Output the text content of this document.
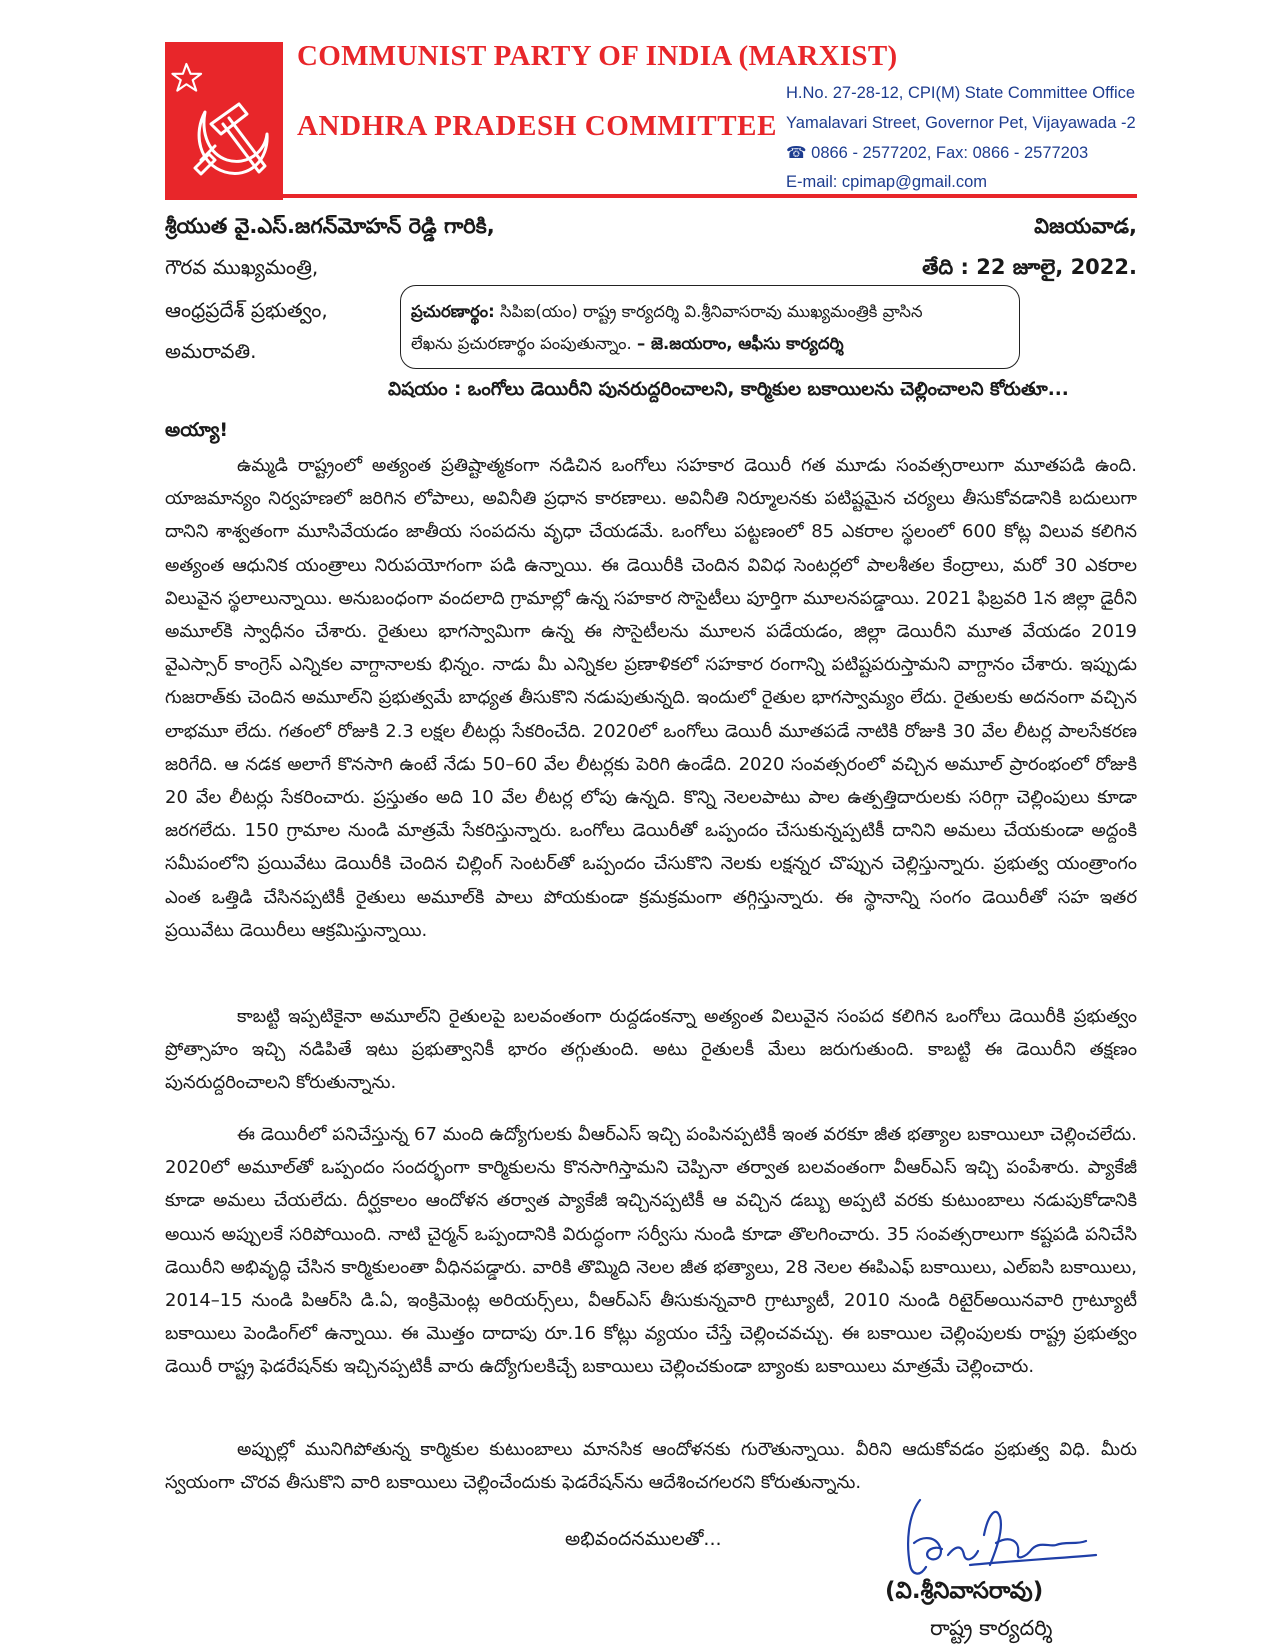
COMMUNIST PARTY OF INDIA (MARXIST)
ANDHRA PRADESH COMMITTEE
H.No. 27-28-12, CPI(M) State Committee Office
Yamalavari Street, Governor Pet, Vijayawada -2
☎ 0866 - 2577202, Fax: 0866 - 2577203
E-mail: cpimap@gmail.com
శ్రీయుత వై.ఎస్.జగన్‌మోహన్ రెడ్డి గారికి,
గౌరవ ముఖ్యమంత్రి,
ఆంధ్రప్రదేశ్ ప్రభుత్వం,
అమరావతి.
విజయవాడ,
తేది : 22 జూలై, 2022.
ప్రచురణార్థం: సిపిఐ(యం) రాష్ట్ర కార్యదర్శి వి.శ్రీనివాసరావు ముఖ్యమంత్రికి వ్రాసిన
లేఖను ప్రచురణార్థం పంపుతున్నాం. – జె.జయరాం, ఆఫీసు కార్యదర్శి
విషయం : ఒంగోలు డెయిరీని పునరుద్దరించాలని, కార్మికుల బకాయిలను చెల్లించాలని కోరుతూ...
అయ్యా!

ఉమ్మడి రాష్ట్రంలో అత్యంత ప్రతిష్టాత్మకంగా నడిచిన ఒంగోలు సహకార డెయిరీ గత మూడు సంవత్సరాలుగా మూతపడి ఉంది. యాజమాన్యం నిర్వహణలో జరిగిన లోపాలు, అవినీతి ప్రధాన కారణాలు. అవినీతి నిర్మూలనకు పటిష్టమైన చర్యలు తీసుకోవడానికి బదులుగా దానిని శాశ్వతంగా మూసివేయడం జాతీయ సంపదను వృధా చేయడమే. ఒంగోలు పట్టణంలో 85 ఎకరాల స్థలంలో 600 కోట్ల విలువ కలిగిన అత్యంత ఆధునిక యంత్రాలు నిరుపయోగంగా పడి ఉన్నాయి. ఈ డెయిరీకి చెందిన వివిధ సెంటర్లలో పాలశీతల కేంద్రాలు, మరో 30 ఎకరాల విలువైన స్థలాలున్నాయి. అనుబంధంగా వందలాది గ్రామాల్లో ఉన్న సహకార సొసైటీలు పూర్తిగా మూలనపడ్డాయి. 2021 ఫిబ్రవరి 1న జిల్లా డైరీని అమూల్‌కి స్వాధీనం చేశారు. రైతులు భాగస్వామిగా ఉన్న ఈ సొసైటీలను మూలన పడేయడం, జిల్లా డెయిరీని మూత వేయడం 2019 వైఎస్సార్ కాంగ్రెస్ ఎన్నికల వాగ్దానాలకు భిన్నం. నాడు మీ ఎన్నికల ప్రణాళికలో సహకార రంగాన్ని పటిష్టపరుస్తామని వాగ్దానం చేశారు. ఇప్పుడు గుజరాత్‌కు చెందిన అమూల్‌ని ప్రభుత్వమే బాధ్యత తీసుకొని నడుపుతున్నది. ఇందులో రైతుల భాగస్వామ్యం లేదు. రైతులకు అదనంగా వచ్చిన లాభమూ లేదు. గతంలో రోజుకి 2.3 లక్షల లీటర్లు సేకరించేది. 2020లో ఒంగోలు డెయిరీ మూతపడే నాటికి రోజుకి 30 వేల లీటర్ల పాలసేకరణ జరిగేది. ఆ నడక అలాగే కొనసాగి ఉంటే నేడు 50–60 వేల లీటర్లకు పెరిగి ఉండేది. 2020 సంవత్సరంలో వచ్చిన అమూల్ ప్రారంభంలో రోజుకి 20 వేల లీటర్లు సేకరించారు. ప్రస్తుతం అది 10 వేల లీటర్ల లోపు ఉన్నది. కొన్ని నెలలపాటు పాల ఉత్పత్తిదారులకు సరిగ్గా చెల్లింపులు కూడా జరగలేదు. 150 గ్రామాల నుండి మాత్రమే సేకరిస్తున్నారు. ఒంగోలు డెయిరీతో ఒప్పందం చేసుకున్నప్పటికీ దానిని అమలు చేయకుండా అద్దంకి సమీపంలోని ప్రయివేటు డెయిరీకి చెందిన చిల్లింగ్ సెంటర్‌తో ఒప్పందం చేసుకొని నెలకు లక్షన్నర చొప్పున చెల్లిస్తున్నారు. ప్రభుత్వ యంత్రాంగం ఎంత ఒత్తిడి చేసినప్పటికీ రైతులు అమూల్‌కి పాలు పోయకుండా క్రమక్రమంగా తగ్గిస్తున్నారు. ఈ స్థానాన్ని సంగం డెయిరీతో సహ ఇతర ప్రయివేటు డెయిరీలు ఆక్రమిస్తున్నాయి.

కాబట్టి ఇప్పటికైనా అమూల్‌ని రైతులపై బలవంతంగా రుద్దడంకన్నా అత్యంత విలువైన సంపద కలిగిన ఒంగోలు డెయిరీకి ప్రభుత్వం ప్రోత్సాహం ఇచ్చి నడిపితే ఇటు ప్రభుత్వానికీ భారం తగ్గుతుంది. అటు రైతులకీ మేలు జరుగుతుంది. కాబట్టి ఈ డెయిరీని తక్షణం పునరుద్దరించాలని కోరుతున్నాను.

ఈ డెయిరీలో పనిచేస్తున్న 67 మంది ఉద్యోగులకు వీఆర్‌ఎస్ ఇచ్చి పంపినప్పటికీ ఇంత వరకూ జీత భత్యాల బకాయిలూ చెల్లించలేదు. 2020లో అమూల్‌తో ఒప్పందం సందర్భంగా కార్మికులను కొనసాగిస్తామని చెప్పినా తర్వాత బలవంతంగా వీఆర్‌ఎస్ ఇచ్చి పంపేశారు. ప్యాకేజీ కూడా అమలు చేయలేదు. దీర్ఘకాలం ఆందోళన తర్వాత ప్యాకేజీ ఇచ్చినప్పటికీ ఆ వచ్చిన డబ్బు అప్పటి వరకు కుటుంబాలు నడుపుకోడానికి అయిన అప్పులకే సరిపోయింది. నాటి చైర్మన్ ఒప్పందానికి విరుద్ధంగా సర్వీసు నుండి కూడా తొలగించారు. 35 సంవత్సరాలుగా కష్టపడి పనిచేసి డెయిరీని అభివృద్ధి చేసిన కార్మికులంతా వీధినపడ్డారు. వారికి తొమ్మిది నెలల జీత భత్యాలు, 28 నెలల ఈపిఎఫ్ బకాయిలు, ఎల్‌ఐసి బకాయిలు, 2014–15 నుండి పిఆర్‌సి డి.ఏ, ఇంక్రిమెంట్ల అరియర్స్‌లు, వీఆర్‌ఎస్ తీసుకున్నవారి గ్రాట్యూటీ, 2010 నుండి రిటైర్‌అయినవారి గ్రాట్యూటీ బకాయిలు పెండింగ్‌లో ఉన్నాయి. ఈ మొత్తం దాదాపు రూ.16 కోట్లు వ్యయం చేస్తే చెల్లించవచ్చు. ఈ బకాయిల చెల్లింపులకు రాష్ట్ర ప్రభుత్వం డెయిరీ రాష్ట్ర ఫెడరేషన్‌కు ఇచ్చినప్పటికీ వారు ఉద్యోగులకిచ్చే బకాయిలు చెల్లించకుండా బ్యాంకు బకాయిలు మాత్రమే చెల్లించారు.

అప్పుల్లో మునిగిపోతున్న కార్మికుల కుటుంబాలు మానసిక ఆందోళనకు గురౌతున్నాయి. వీరిని ఆదుకోవడం ప్రభుత్వ విధి. మీరు స్వయంగా చొరవ తీసుకొని వారి బకాయిలు చెల్లించేందుకు ఫెడరేషన్‌ను ఆదేశించగలరని కోరుతున్నాను.

అభివందనములతో...
(వి.శ్రీనివాసరావు)
రాష్ట్ర కార్యదర్శి
